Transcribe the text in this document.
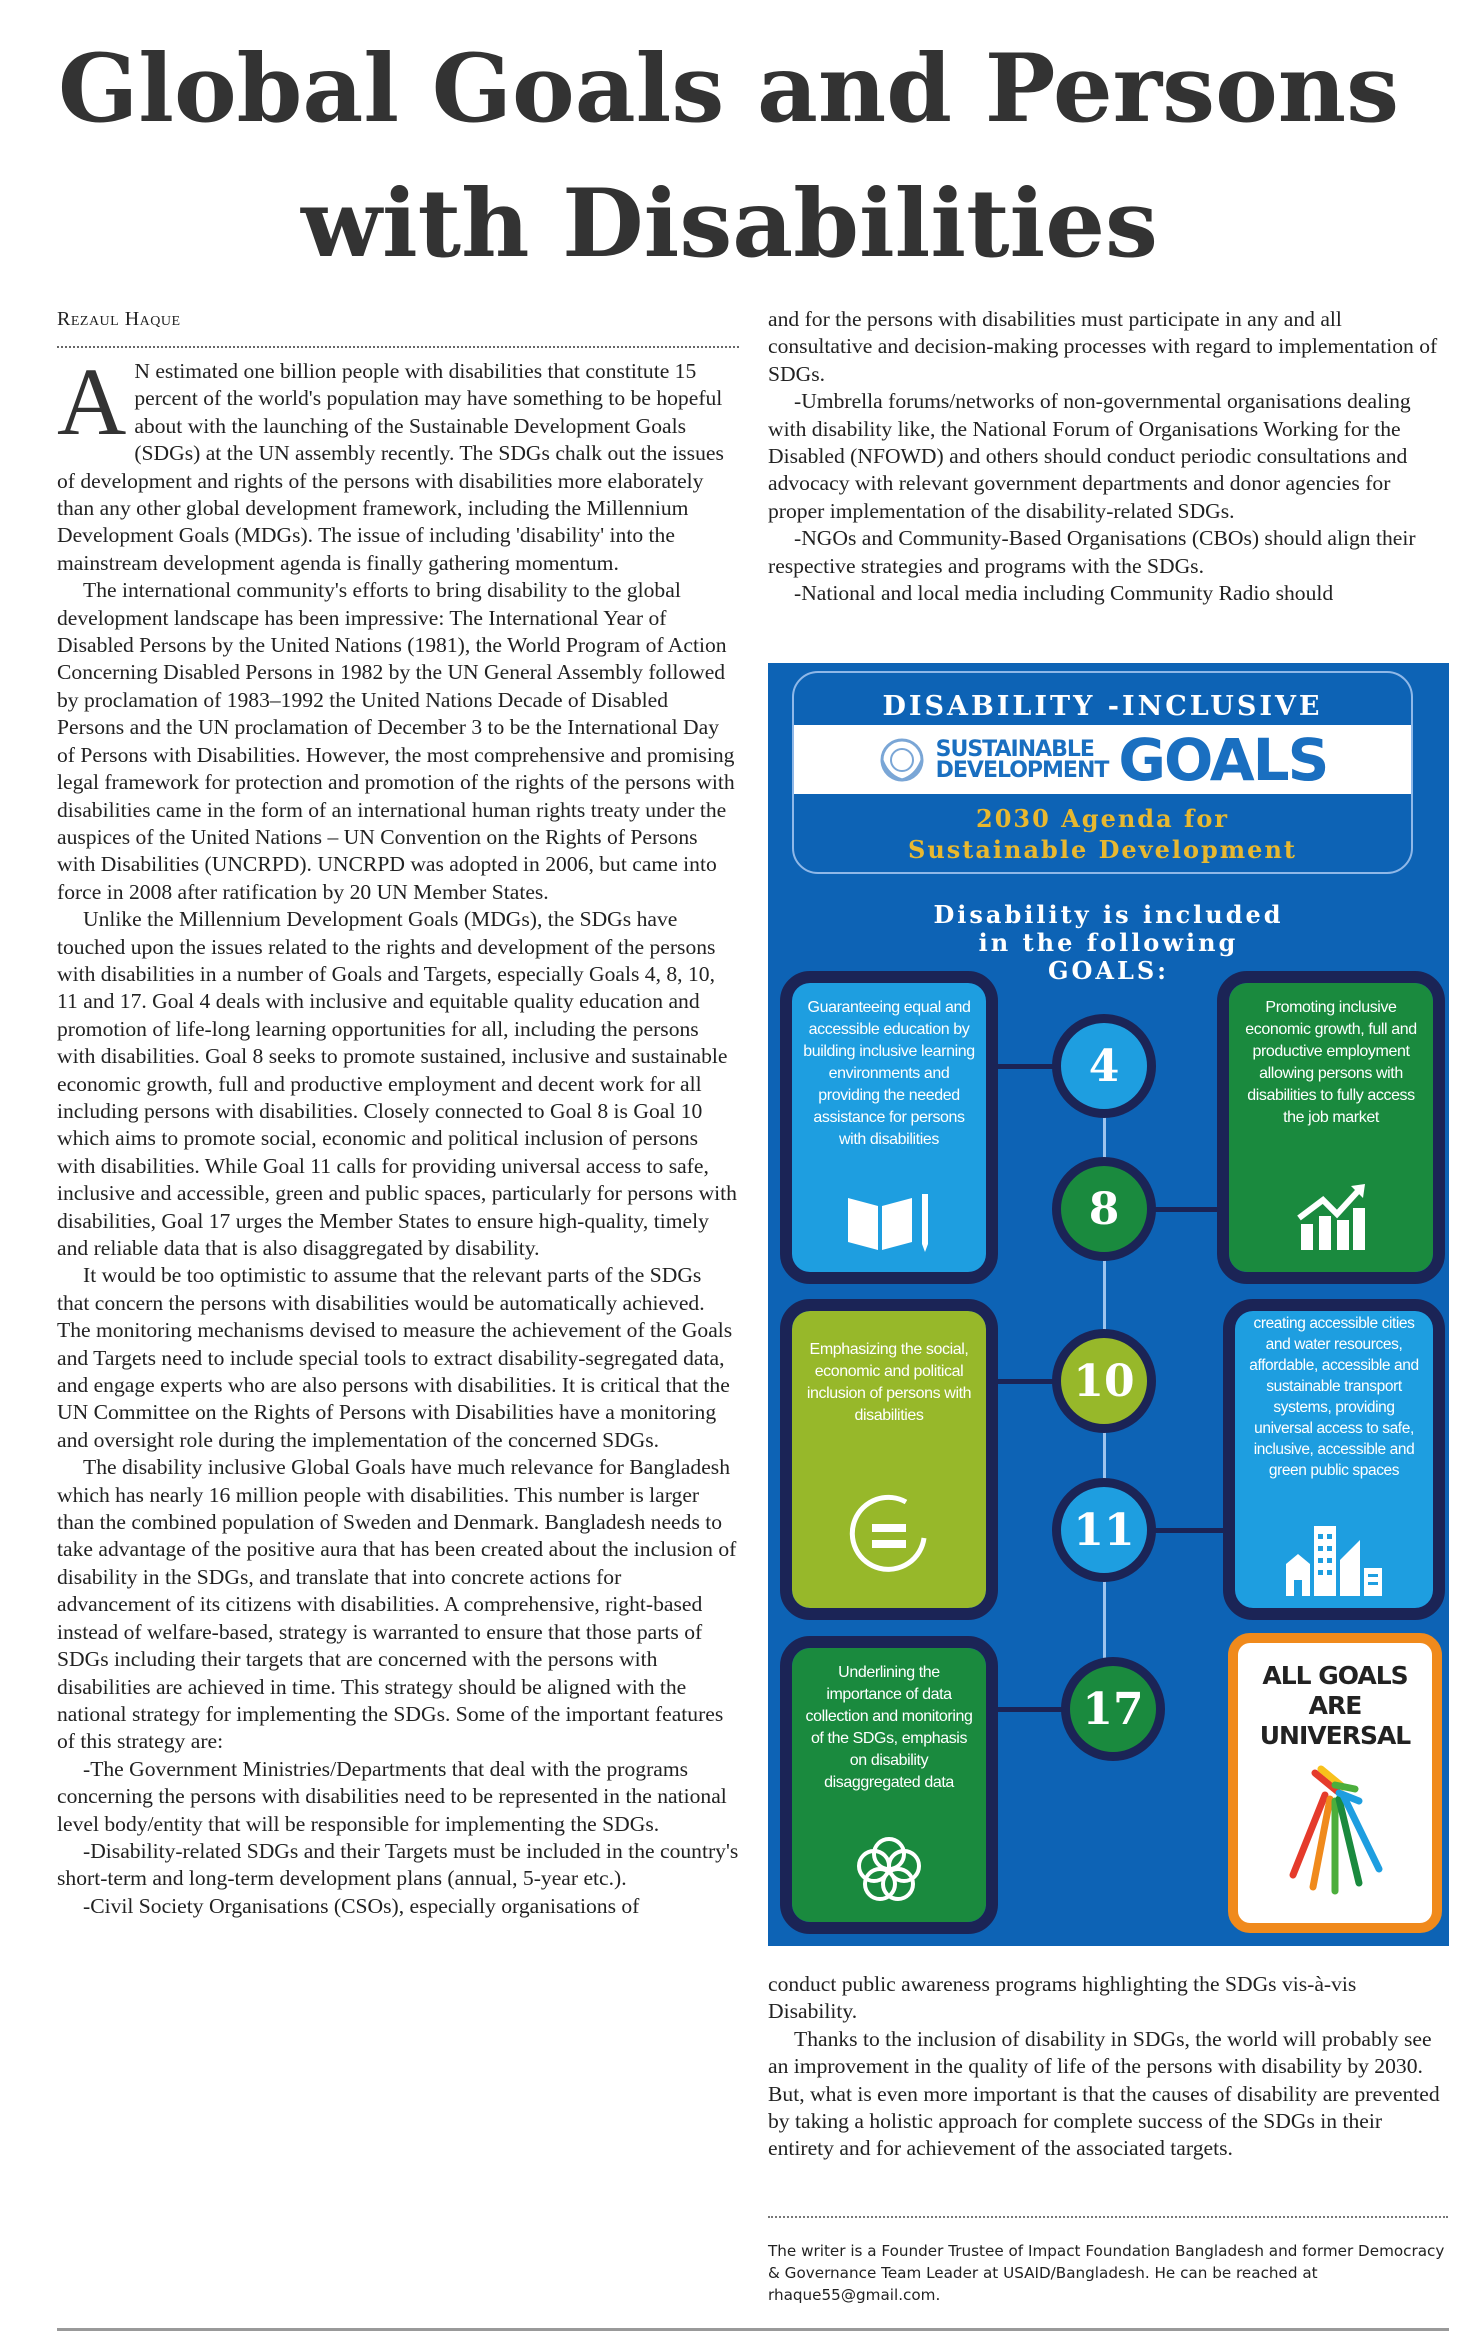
Global Goals and Persons
with Disabilities
Rezaul Haque

A N estimated one billion people with disabilities that constitute 15 percent of the world's population may have something to be hopeful about with the launching of the Sustainable Development Goals (SDGs) at the UN assembly recently. The SDGs chalk out the issues of development and rights of the persons with disabilities more elaborately than any other global development framework, including the Millennium Development Goals (MDGs). The issue of including 'disability' into the mainstream development agenda is finally gathering momentum.

The international community's efforts to bring disability to the global development landscape has been impressive: The International Year of Disabled Persons by the United Nations (1981), the World Program of Action Concerning Disabled Persons in 1982 by the UN General Assembly followed by proclamation of 1983–1992 the United Nations Decade of Disabled Persons and the UN proclamation of December 3 to be the International Day of Persons with Disabilities. However, the most comprehensive and promising legal framework for protection and promotion of the rights of the persons with disabilities came in the form of an international human rights treaty under the auspices of the United Nations – UN Convention on the Rights of Persons with Disabilities (UNCRPD). UNCRPD was adopted in 2006, but came into force in 2008 after ratification by 20 UN Member States.

Unlike the Millennium Development Goals (MDGs), the SDGs have touched upon the issues related to the rights and development of the persons with disabilities in a number of Goals and Targets, especially Goals 4, 8, 10, 11 and 17. Goal 4 deals with inclusive and equitable quality education and promotion of life-long learning opportunities for all, including the persons with disabilities. Goal 8 seeks to promote sustained, inclusive and sustainable economic growth, full and productive employment and decent work for all including persons with disabilities. Closely connected to Goal 8 is Goal 10 which aims to promote social, economic and political inclusion of persons with disabilities. While Goal 11 calls for providing universal access to safe, inclusive and accessible, green and public spaces, particularly for persons with disabilities, Goal 17 urges the Member States to ensure high-quality, timely and reliable data that is also disaggregated by disability.

It would be too optimistic to assume that the relevant parts of the SDGs that concern the persons with disabilities would be automatically achieved. The monitoring mechanisms devised to measure the achievement of the Goals and Targets need to include special tools to extract disability-segregated data, and engage experts who are also persons with disabilities. It is critical that the UN Committee on the Rights of Persons with Disabilities have a monitoring and oversight role during the implementation of the concerned SDGs.

The disability inclusive Global Goals have much relevance for Bangladesh which has nearly 16 million people with disabilities. This number is larger than the combined population of Sweden and Denmark. Bangladesh needs to take advantage of the positive aura that has been created about the inclusion of disability in the SDGs, and translate that into concrete actions for advancement of its citizens with disabilities. A comprehensive, right-based instead of welfare-based, strategy is warranted to ensure that those parts of SDGs including their targets that are concerned with the persons with disabilities are achieved in time. This strategy should be aligned with the national strategy for implementing the SDGs. Some of the important features of this strategy are:

-The Government Ministries/Departments that deal with the programs concerning the persons with disabilities need to be represented in the national level body/entity that will be responsible for implementing the SDGs.

-Disability-related SDGs and their Targets must be included in the country's short-term and long-term development plans (annual, 5-year etc.).

-Civil Society Organisations (CSOs), especially organisations of

and for the persons with disabilities must participate in any and all consultative and decision-making processes with regard to implementation of SDGs.

-Umbrella forums/networks of non-governmental organisations dealing with disability like, the National Forum of Organisations Working for the Disabled (NFOWD) and others should conduct periodic consultations and advocacy with relevant government departments and donor agencies for proper implementation of the disability-related SDGs.

-NGOs and Community-Based Organisations (CBOs) should align their respective strategies and programs with the SDGs.

-National and local media including Community Radio should

DISABILITY -INCLUSIVE
SUSTAINABLE
DEVELOPMENT GOALS
2030 Agenda for
Sustainable Development
Disability is included
in the following
GOALS:
Guaranteeing equal and accessible education by building inclusive learning environments and providing the needed assistance for persons with disabilities
Promoting inclusive economic growth, full and productive employment allowing persons with disabilities to fully access the job market
Emphasizing the social, economic and political inclusion of persons with disabilities
creating accessible cities and water resources, affordable, accessible and sustainable transport systems, providing universal access to safe, inclusive, accessible and green public spaces
Underlining the importance of data collection and monitoring of the SDGs, emphasis on disability disaggregated data
4
8
10
11
17
ALL GOALS
ARE
UNIVERSAL

conduct public awareness programs highlighting the SDGs vis-à-vis Disability.

Thanks to the inclusion of disability in SDGs, the world will probably see an improvement in the quality of life of the persons with disability by 2030. But, what is even more important is that the causes of disability are prevented by taking a holistic approach for complete success of the SDGs in their entirety and for achievement of the associated targets.

The writer is a Founder Trustee of Impact Foundation Bangladesh and former Democracy & Governance Team Leader at USAID/Bangladesh. He can be reached at rhaque55@gmail.com.
